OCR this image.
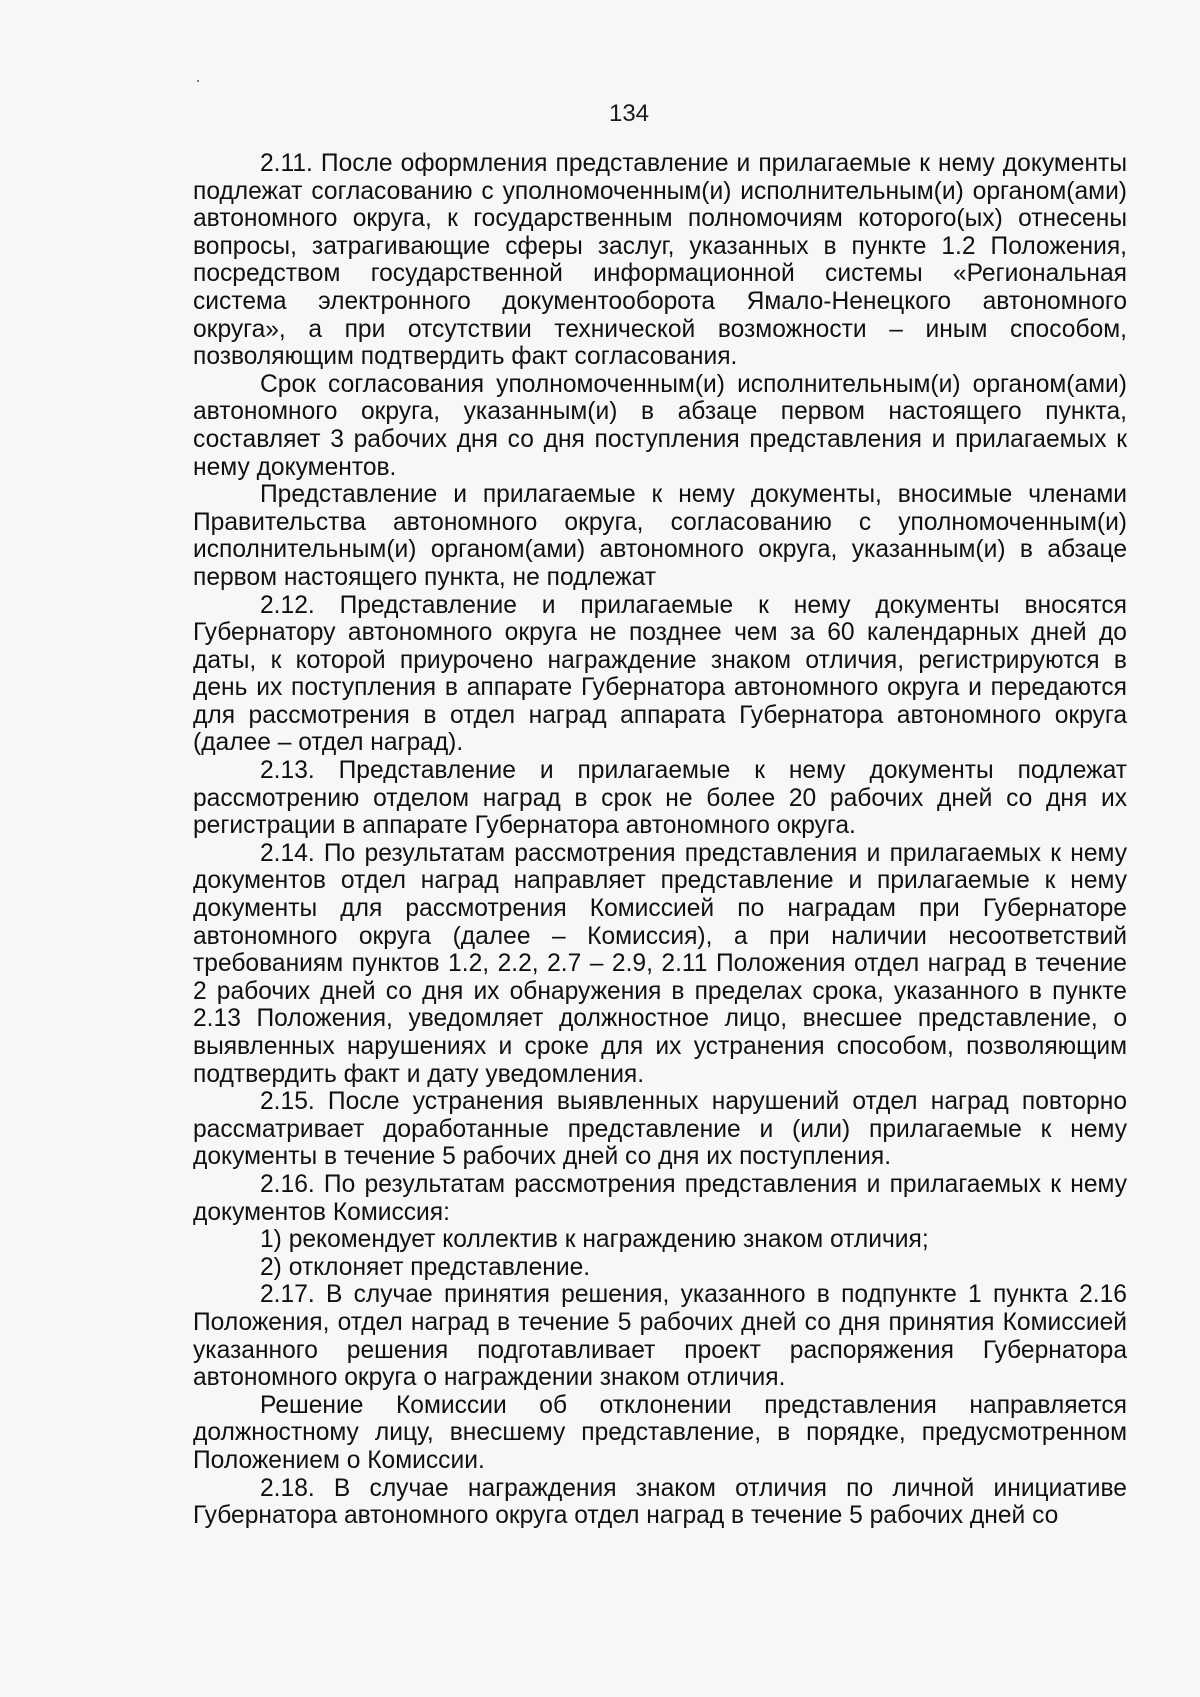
134

2.11. После оформления представление и прилагаемые к нему документы подлежат согласованию с уполномоченным(и) исполнительным(и) органом(ами) автономного округа, к государственным полномочиям которого(ых) отнесены вопросы, затрагивающие сферы заслуг, указанных в пункте 1.2 Положения, посредством государственной информационной системы «Региональная система электронного документооборота Ямало-Ненецкого автономного округа», а при отсутствии технической возможности – иным способом, позволяющим подтвердить факт согласования.

Срок согласования уполномоченным(и) исполнительным(и) органом(ами) автономного округа, указанным(и) в абзаце первом настоящего пункта, составляет 3 рабочих дня со дня поступления представления и прилагаемых к нему документов.

Представление и прилагаемые к нему документы, вносимые членами Правительства автономного округа, согласованию с уполномоченным(и) исполнительным(и) органом(ами) автономного округа, указанным(и) в абзаце первом настоящего пункта, не подлежат

2.12. Представление и прилагаемые к нему документы вносятся Губернатору автономного округа не позднее чем за 60 календарных дней до даты, к которой приурочено награждение знаком отличия, регистрируются в день их поступления в аппарате Губернатора автономного округа и передаются для рассмотрения в отдел наград аппарата Губернатора автономного округа (далее – отдел наград).

2.13. Представление и прилагаемые к нему документы подлежат рассмотрению отделом наград в срок не более 20 рабочих дней со дня их регистрации в аппарате Губернатора автономного округа.

2.14. По результатам рассмотрения представления и прилагаемых к нему документов отдел наград направляет представление и прилагаемые к нему документы для рассмотрения Комиссией по наградам при Губернаторе автономного округа (далее – Комиссия), а при наличии несоответствий требованиям пунктов 1.2, 2.2, 2.7 – 2.9, 2.11 Положения отдел наград в течение 2 рабочих дней со дня их обнаружения в пределах срока, указанного в пункте 2.13 Положения, уведомляет должностное лицо, внесшее представление, о выявленных нарушениях и сроке для их устранения способом, позволяющим подтвердить факт и дату уведомления.

2.15. После устранения выявленных нарушений отдел наград повторно рассматривает доработанные представление и (или) прилагаемые к нему документы в течение 5 рабочих дней со дня их поступления.

2.16. По результатам рассмотрения представления и прилагаемых к нему документов Комиссия:

1) рекомендует коллектив к награждению знаком отличия;

2) отклоняет представление.

2.17. В случае принятия решения, указанного в подпункте 1 пункта 2.16 Положения, отдел наград в течение 5 рабочих дней со дня принятия Комиссией указанного решения подготавливает проект распоряжения Губернатора автономного округа о награждении знаком отличия.

Решение Комиссии об отклонении представления направляется должностному лицу, внесшему представление, в порядке, предусмотренном Положением о Комиссии.

2.18. В случае награждения знаком отличия по личной инициативе Губернатора автономного округа отдел наград в течение 5 рабочих дней со
